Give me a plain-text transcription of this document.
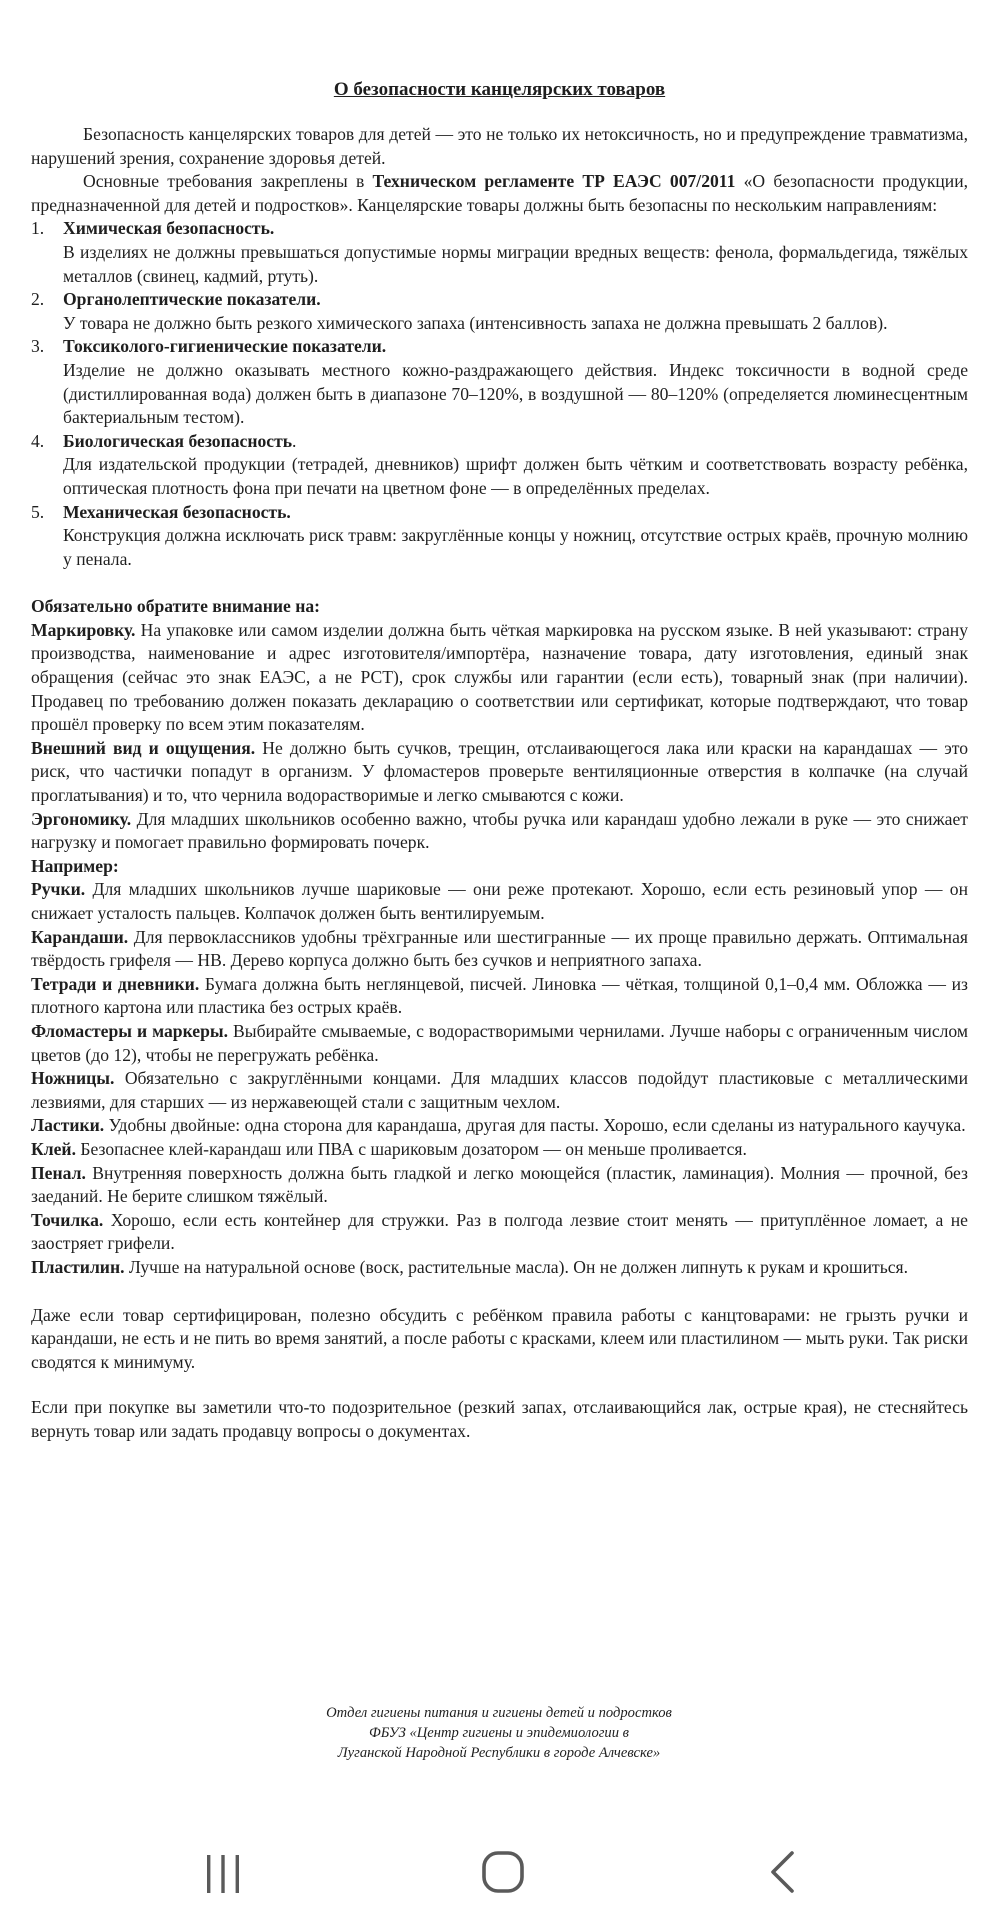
О безопасности канцелярских товаров

Безопасность канцелярских товаров для детей — это не только их нетоксичность, но и предупреждение травматизма, нарушений зрения, сохранение здоровья детей.

Основные требования закреплены в Техническом регламенте ТР ЕАЭС 007/2011 «О безопасности продукции, предназначенной для детей и подростков». Канцелярские товары должны быть безопасны по нескольким направлениям:

1. Химическая безопасность.

В изделиях не должны превышаться допустимые нормы миграции вредных веществ: фенола, формальдегида, тяжёлых металлов (свинец, кадмий, ртуть).

2. Органолептические показатели.

У товара не должно быть резкого химического запаха (интенсивность запаха не должна превышать 2 баллов).

3. Токсиколого-гигиенические показатели.

Изделие не должно оказывать местного кожно-раздражающего действия. Индекс токсичности в водной среде (дистиллированная вода) должен быть в диапазоне 70–120%, в воздушной — 80–120% (определяется люминесцентным бактериальным тестом).

4. Биологическая безопасность.

Для издательской продукции (тетрадей, дневников) шрифт должен быть чётким и соответствовать возрасту ребёнка, оптическая плотность фона при печати на цветном фоне — в определённых пределах.

5. Механическая безопасность.

Конструкция должна исключать риск травм: закруглённые концы у ножниц, отсутствие острых краёв, прочную молнию у пенала.

Обязательно обратите внимание на:

Маркировку. На упаковке или самом изделии должна быть чёткая маркировка на русском языке. В ней указывают: страну производства, наименование и адрес изготовителя/импортёра, назначение товара, дату изготовления, единый знак обращения (сейчас это знак ЕАЭС, а не РСТ), срок службы или гарантии (если есть), товарный знак (при наличии). Продавец по требованию должен показать декларацию о соответствии или сертификат, которые подтверждают, что товар прошёл проверку по всем этим показателям.

Внешний вид и ощущения. Не должно быть сучков, трещин, отслаивающегося лака или краски на карандашах — это риск, что частички попадут в организм. У фломастеров проверьте вентиляционные отверстия в колпачке (на случай проглатывания) и то, что чернила водорастворимые и легко смываются с кожи.

Эргономику. Для младших школьников особенно важно, чтобы ручка или карандаш удобно лежали в руке — это снижает нагрузку и помогает правильно формировать почерк.

Например:

Ручки. Для младших школьников лучше шариковые — они реже протекают. Хорошо, если есть резиновый упор — он снижает усталость пальцев. Колпачок должен быть вентилируемым.

Карандаши. Для первоклассников удобны трёхгранные или шестигранные — их проще правильно держать. Оптимальная твёрдость грифеля — HB. Дерево корпуса должно быть без сучков и неприятного запаха.

Тетради и дневники. Бумага должна быть неглянцевой, писчей. Линовка — чёткая, толщиной 0,1–0,4 мм. Обложка — из плотного картона или пластика без острых краёв.

Фломастеры и маркеры. Выбирайте смываемые, с водорастворимыми чернилами. Лучше наборы с ограниченным числом цветов (до 12), чтобы не перегружать ребёнка.

Ножницы. Обязательно с закруглёнными концами. Для младших классов подойдут пластиковые с металлическими лезвиями, для старших — из нержавеющей стали с защитным чехлом.

Ластики. Удобны двойные: одна сторона для карандаша, другая для пасты. Хорошо, если сделаны из натурального каучука.

Клей. Безопаснее клей-карандаш или ПВА с шариковым дозатором — он меньше проливается.

Пенал. Внутренняя поверхность должна быть гладкой и легко моющейся (пластик, ламинация). Молния — прочной, без заеданий. Не берите слишком тяжёлый.

Точилка. Хорошо, если есть контейнер для стружки. Раз в полгода лезвие стоит менять — притуплённое ломает, а не заостряет грифели.

Пластилин. Лучше на натуральной основе (воск, растительные масла). Он не должен липнуть к рукам и крошиться.

Даже если товар сертифицирован, полезно обсудить с ребёнком правила работы с канцтоварами: не грызть ручки и карандаши, не есть и не пить во время занятий, а после работы с красками, клеем или пластилином — мыть руки. Так риски сводятся к минимуму.

Если при покупке вы заметили что-то подозрительное (резкий запах, отслаивающийся лак, острые края), не стесняйтесь вернуть товар или задать продавцу вопросы о документах.

Отдел гигиены питания и гигиены детей и подростков
ФБУЗ «Центр гигиены и эпидемиологии в
Луганской Народной Республики в городе Алчевске»
